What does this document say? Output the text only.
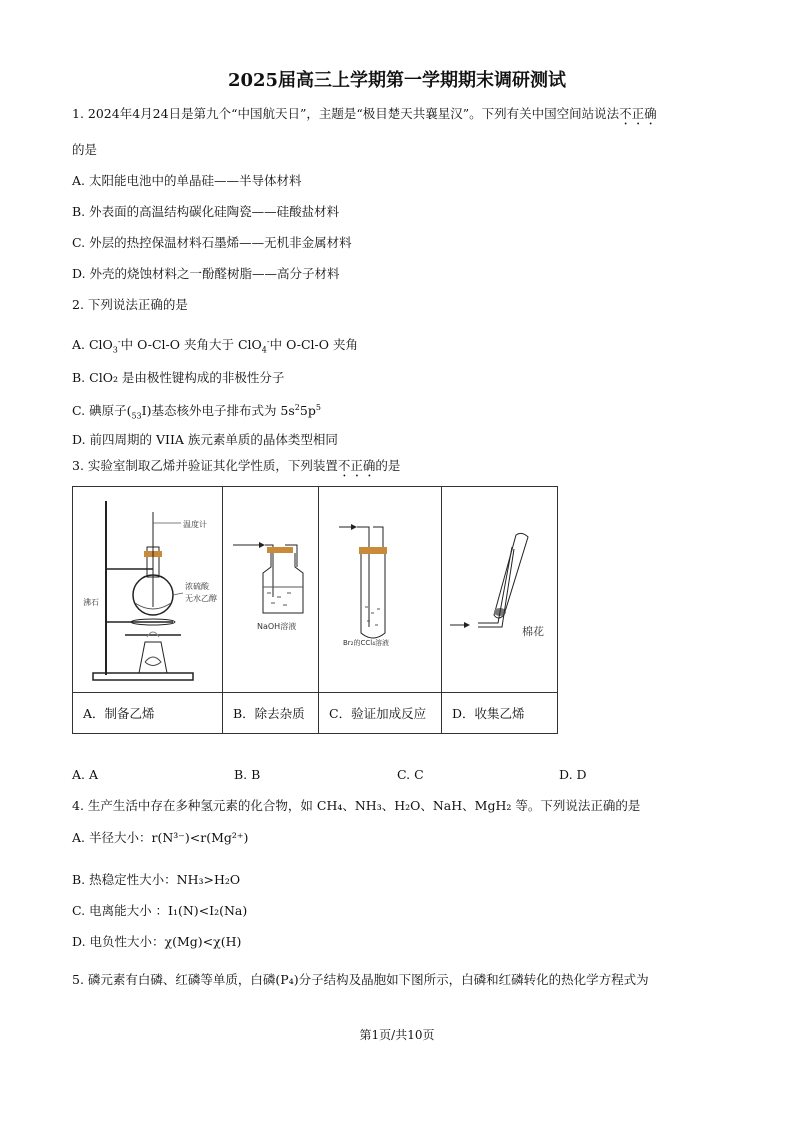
2025届高三上学期第一学期期末调研测试
1. 2024年4月24日是第九个“中国航天日”，主题是“极目楚天共襄星汉”。下列有关中国空间站说法不正确
的是
A. 太阳能电池中的单晶硅——半导体材料
B. 外表面的高温结构碳化硅陶瓷——硅酸盐材料
C. 外层的热控保温材料石墨烯——无机非金属材料
D. 外壳的烧蚀材料之一酚醛树脂——高分子材料
2. 下列说法正确的是
A. ClO$_3$-中 O-Cl-O 夹角大于 ClO$_4$-中 O-Cl-O 夹角
B. ClO₂ 是由极性键构成的非极性分子
C. 碘原子$(_{53}I)$基态核外电子排布式为 $5s^25p^5$
D. 前四周期的 VIIA 族元素单质的晶体类型相同
3. 实验室制取乙烯并验证其化学性质，下列装置不正确的是
温度计
浓硫酸
无水乙醇
沸石	NaOH溶液	Br₂的CCl₄溶液	棉花

A．制备乙烯	B．除去杂质	C．验证加成反应	D．收集乙烯
A. A	B. B	C. C	D. D
4. 生产生活中存在多种氢元素的化合物，如 CH₄、NH₃、H₂O、NaH、MgH₂ 等。下列说法正确的是
A. 半径大小：r(N³⁻)<r(Mg²⁺)
B. 热稳定性大小：NH₃>H₂O
C. 电离能大小 ：I₁(N)<I₂(Na)
D. 电负性大小：χ(Mg)<χ(H)
5. 磷元素有白磷、红磷等单质，白磷(P₄)分子结构及晶胞如下图所示，白磷和红磷转化的热化学方程式为
第1页/共10页
